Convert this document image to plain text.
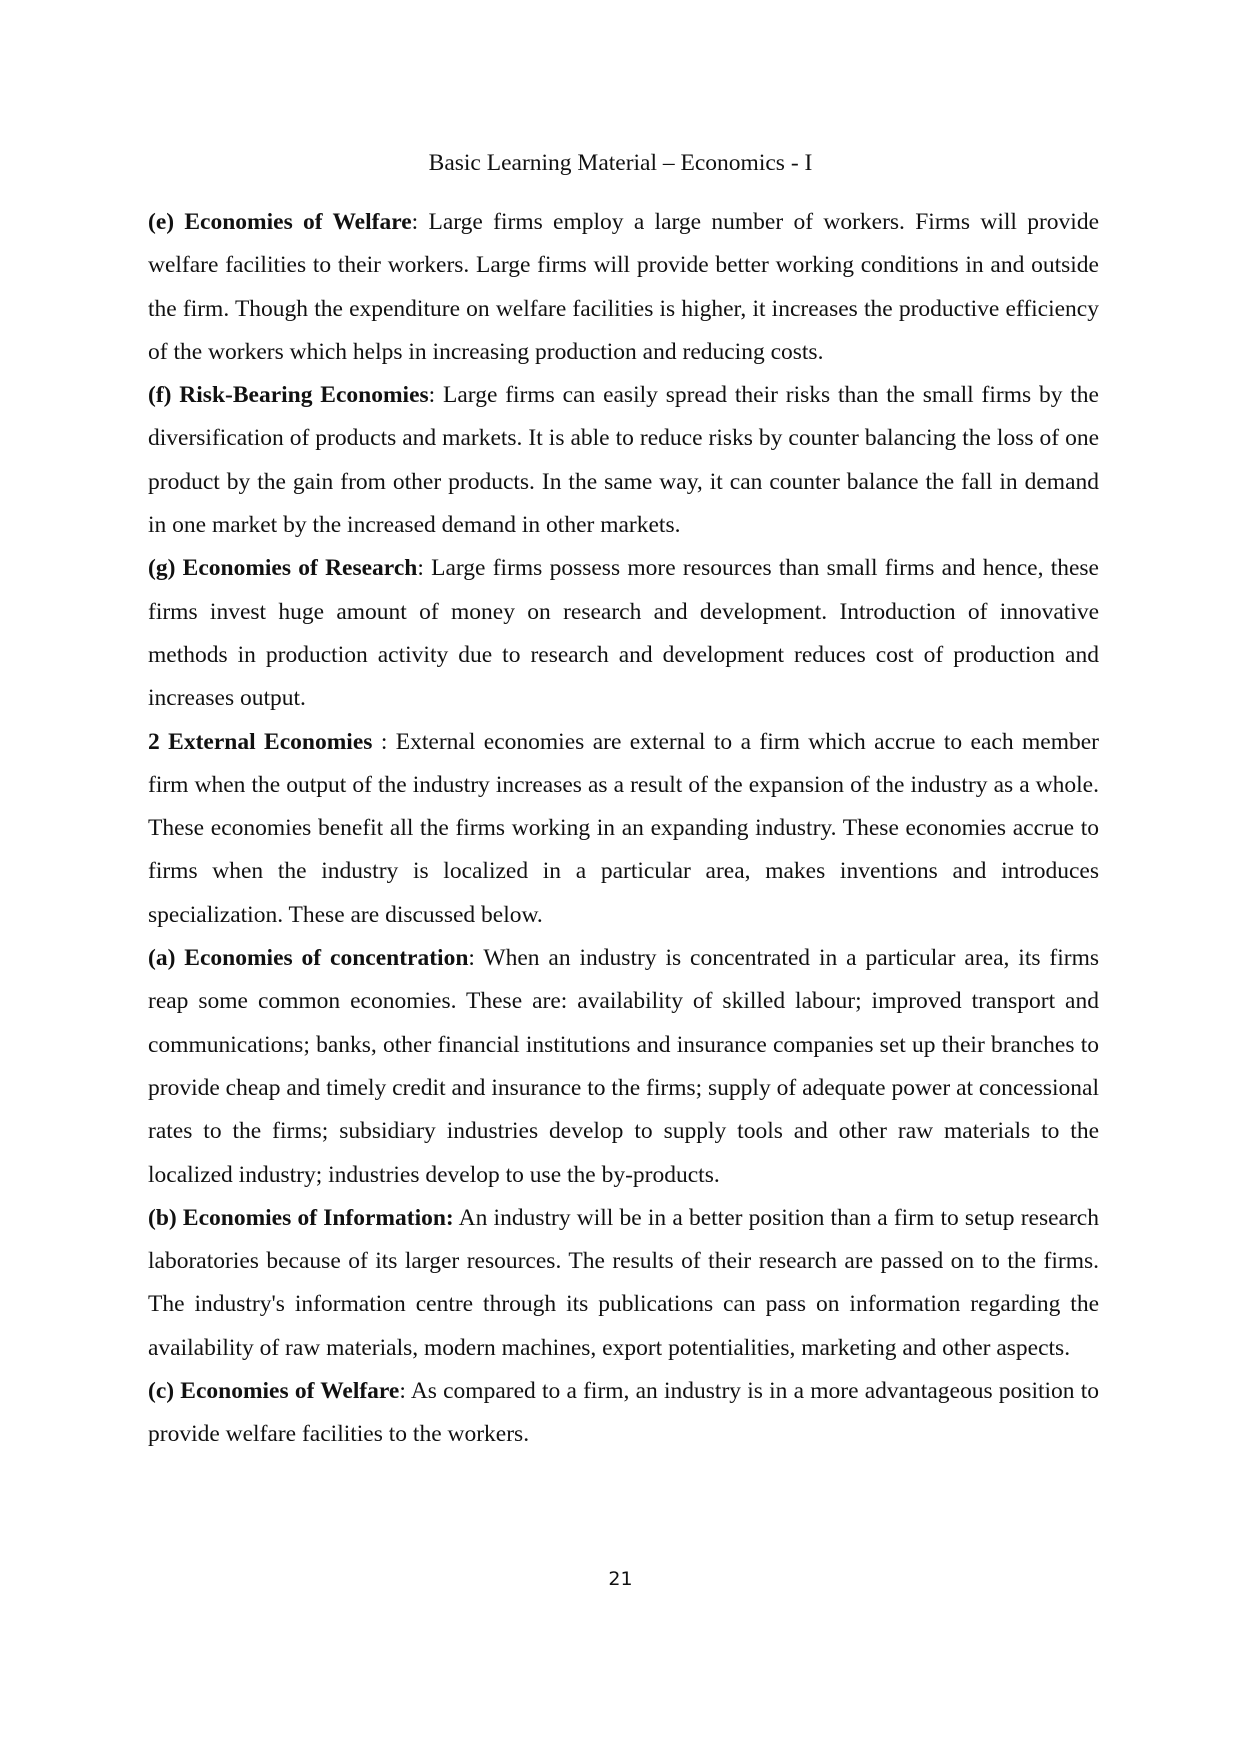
Basic Learning Material – Economics - I

(e) Economies of Welfare: Large firms employ a large number of workers. Firms will provide welfare facilities to their workers. Large firms will provide better working conditions in and outside the firm. Though the expenditure on welfare facilities is higher, it increases the productive efficiency of the workers which helps in increasing production and reducing costs.

(f) Risk-Bearing Economies: Large firms can easily spread their risks than the small firms by the diversification of products and markets. It is able to reduce risks by counter balancing the loss of one product by the gain from other products. In the same way, it can counter balance the fall in demand in one market by the increased demand in other markets.

(g) Economies of Research: Large firms possess more resources than small firms and hence, these firms invest huge amount of money on research and development. Introduction of innovative methods in production activity due to research and development reduces cost of production and increases output.

2 External Economies : External economies are external to a firm which accrue to each member firm when the output of the industry increases as a result of the expansion of the industry as a whole. These economies benefit all the firms working in an expanding industry. These economies accrue to firms when the industry is localized in a particular area, makes inventions and introduces specialization. These are discussed below.

(a) Economies of concentration: When an industry is concentrated in a particular area, its firms reap some common economies. These are: availability of skilled labour; improved transport and communications; banks, other financial institutions and insurance companies set up their branches to provide cheap and timely credit and insurance to the firms; supply of adequate power at concessional rates to the firms; subsidiary industries develop to supply tools and other raw materials to the localized industry; industries develop to use the by-products.

(b) Economies of Information: An industry will be in a better position than a firm to setup research laboratories because of its larger resources. The results of their research are passed on to the firms. The industry's information centre through its publications can pass on information regarding the availability of raw materials, modern machines, export potentialities, marketing and other aspects.

(c) Economies of Welfare: As compared to a firm, an industry is in a more advantageous position to provide welfare facilities to the workers.

21
